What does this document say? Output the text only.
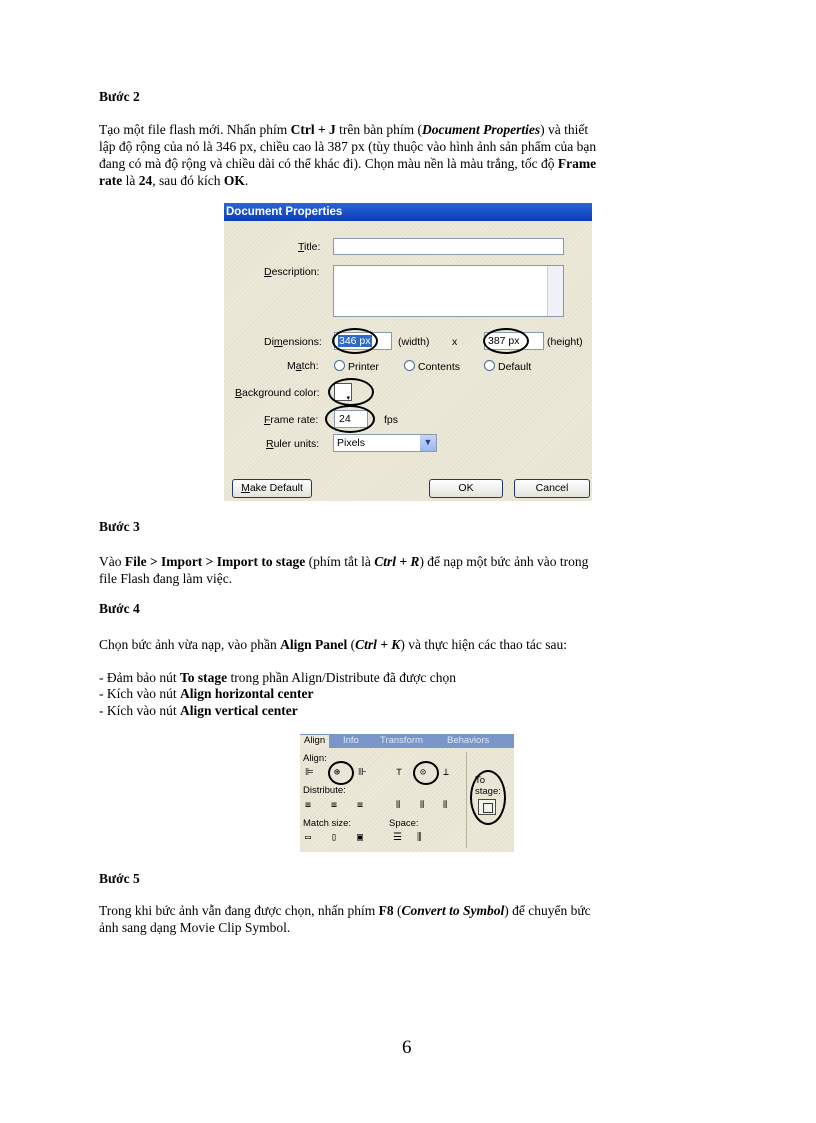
Bước 2
Tạo một file flash mới. Nhấn phím Ctrl + J trên bàn phím (Document Properties) và thiết
lập độ rộng của nó là 346 px, chiều cao là 387 px (tùy thuộc vào hình ảnh sản phẩm của bạn
đang có mà độ rộng và chiều dài có thể khác đi). Chọn màu nền là màu trắng, tốc độ Frame
rate là 24, sau đó kích OK.
Document Properties
Title:
Description:
Dimensions: 346 px	(width) x	387 px	(height)
Match:	Printer	Contents	Default
Background color:	▾
Frame rate: 24	fps
Ruler units: Pixels	▼
Make Default	OK	Cancel
Bước 3
Vào File > Import > Import to stage (phím tắt là Ctrl + R) để nạp một bức ảnh vào trong
file Flash đang làm việc.
Bước 4
Chọn bức ảnh vừa nạp, vào phần Align Panel (Ctrl + K) và thực hiện các thao tác sau:
- Đảm bảo nút To stage trong phần Align/Distribute đã được chọn
- Kích vào nút Align horizontal center
- Kích vào nút Align vertical center
Align	Info Transform	Behaviors
Align:
⊫ ⊕ ⊪	⊤ ⊝ ⊥
Distribute:
≡ ≡ ≡	⫴ ⫴ ⫴
Match size:	Space:
▭ ▯ ▣	☰ ⫼
To
stage:
Bước 5
Trong khi bức ảnh vẫn đang được chọn, nhấn phím F8 (Convert to Symbol) để chuyển bức
ảnh sang dạng Movie Clip Symbol.
6
